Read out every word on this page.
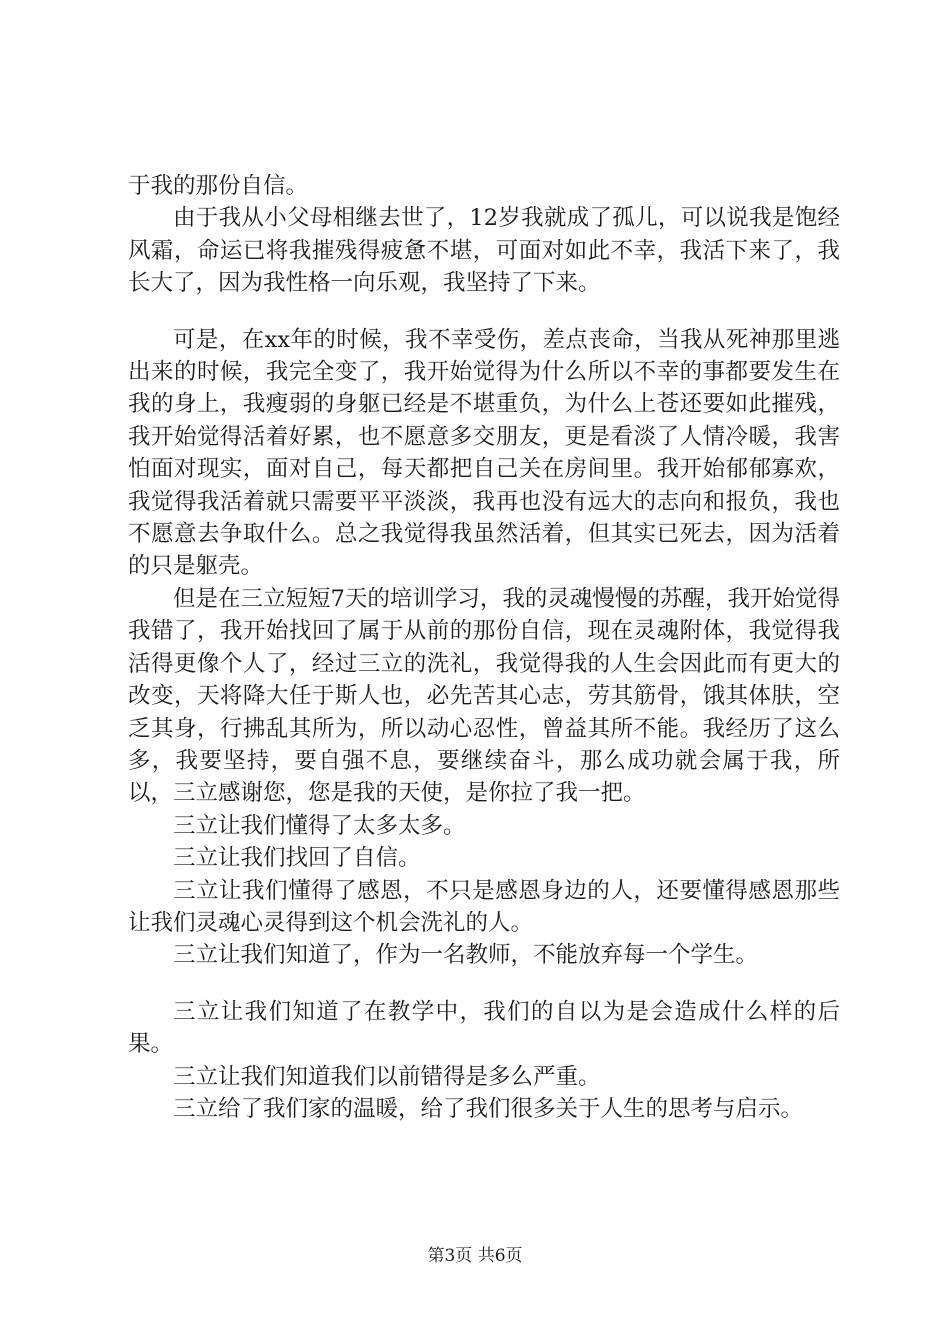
于我的那份自信。

由于我从小父母相继去世了，12岁我就成了孤儿，可以说我是饱经风霜，命运已将我摧残得疲惫不堪，可面对如此不幸，我活下来了，我长大了，因为我性格一向乐观，我坚持了下来。

可是，在xx年的时候，我不幸受伤，差点丧命，当我从死神那里逃出来的时候，我完全变了，我开始觉得为什么所以不幸的事都要发生在我的身上，我瘦弱的身躯已经是不堪重负，为什么上苍还要如此摧残，我开始觉得活着好累，也不愿意多交朋友，更是看淡了人情冷暖，我害怕面对现实，面对自己，每天都把自己关在房间里。我开始郁郁寡欢，我觉得我活着就只需要平平淡淡，我再也没有远大的志向和报负，我也不愿意去争取什么。总之我觉得我虽然活着，但其实已死去，因为活着的只是躯壳。

但是在三立短短7天的培训学习，我的灵魂慢慢的苏醒，我开始觉得我错了，我开始找回了属于从前的那份自信，现在灵魂附体，我觉得我活得更像个人了，经过三立的洗礼，我觉得我的人生会因此而有更大的改变，天将降大任于斯人也，必先苦其心志，劳其筋骨，饿其体肤，空乏其身，行拂乱其所为，所以动心忍性，曾益其所不能。我经历了这么多，我要坚持，要自强不息，要继续奋斗，那么成功就会属于我，所以，三立感谢您，您是我的天使，是你拉了我一把。

三立让我们懂得了太多太多。

三立让我们找回了自信。

三立让我们懂得了感恩，不只是感恩身边的人，还要懂得感恩那些让我们灵魂心灵得到这个机会洗礼的人。

三立让我们知道了，作为一名教师，不能放弃每一个学生。

三立让我们知道了在教学中，我们的自以为是会造成什么样的后果。

三立让我们知道我们以前错得是多么严重。

三立给了我们家的温暖，给了我们很多关于人生的思考与启示。

第3页 共6页
